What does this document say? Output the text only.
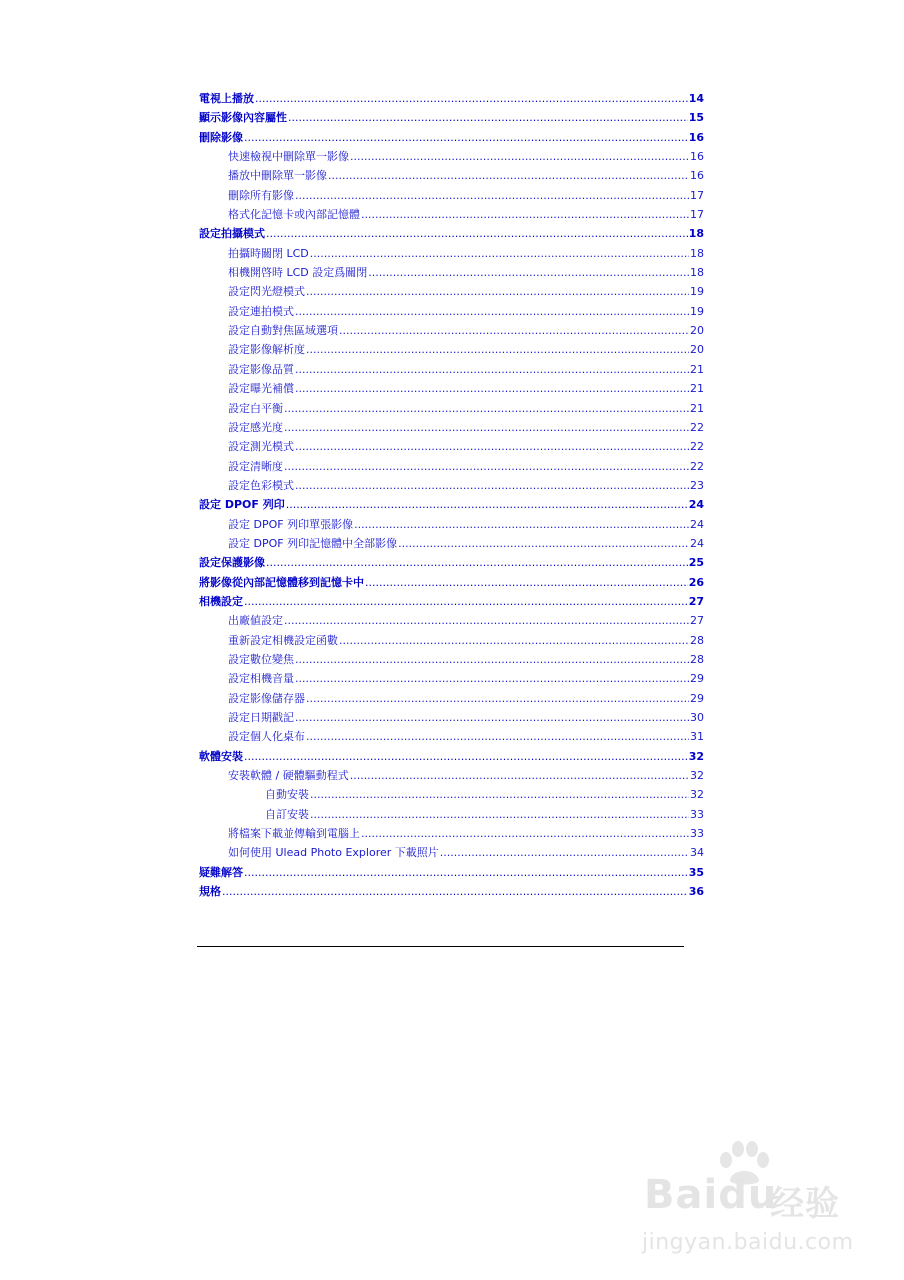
電視上播放 .....	14
顯示影像內容屬性 .....	15
刪除影像 .....	16
快速檢視中刪除單一影像 .....	16
播放中刪除單一影像 .....	16
刪除所有影像 .....	17
格式化記憶卡或內部記憶體 .....	17
設定拍攝模式 .....	18
拍攝時關閉 LCD .....	18
相機開啓時 LCD 設定爲關閉 .....	18
設定閃光燈模式 .....	19
設定連拍模式 .....	19
設定自動對焦區域選項 .....	20
設定影像解析度 .....	20
設定影像品質 .....	21
設定曝光補償 .....	21
設定白平衡 .....	21
設定感光度 .....	22
設定測光模式 .....	22
設定清晰度 .....	22
設定色彩模式 .....	23
設定 DPOF 列印 .....	24
設定 DPOF 列印單張影像 .....	24
設定 DPOF 列印記憶體中全部影像 .....	24
設定保護影像 .....	25
將影像從內部記憶體移到記憶卡中 .....	26
相機設定 .....	27
出廠値設定 .....	27
重新設定相機設定函數 .....	28
設定數位變焦 .....	28
設定相機音量 .....	29
設定影像儲存器 .....	29
設定日期戳記 .....	30
設定個人化桌布 .....	31
軟體安裝 .....	32
安裝軟體 / 硬體驅動程式 .....	32
自動安裝 .....	32
自訂安裝 .....	33
將檔案下載並傳輸到電腦上 .....	33
如何使用 Ulead Photo Explorer 下載照片 .....	34
疑難解答 .....	35
規格 .....	36
Baidu
经验
jingyan.baidu.com
